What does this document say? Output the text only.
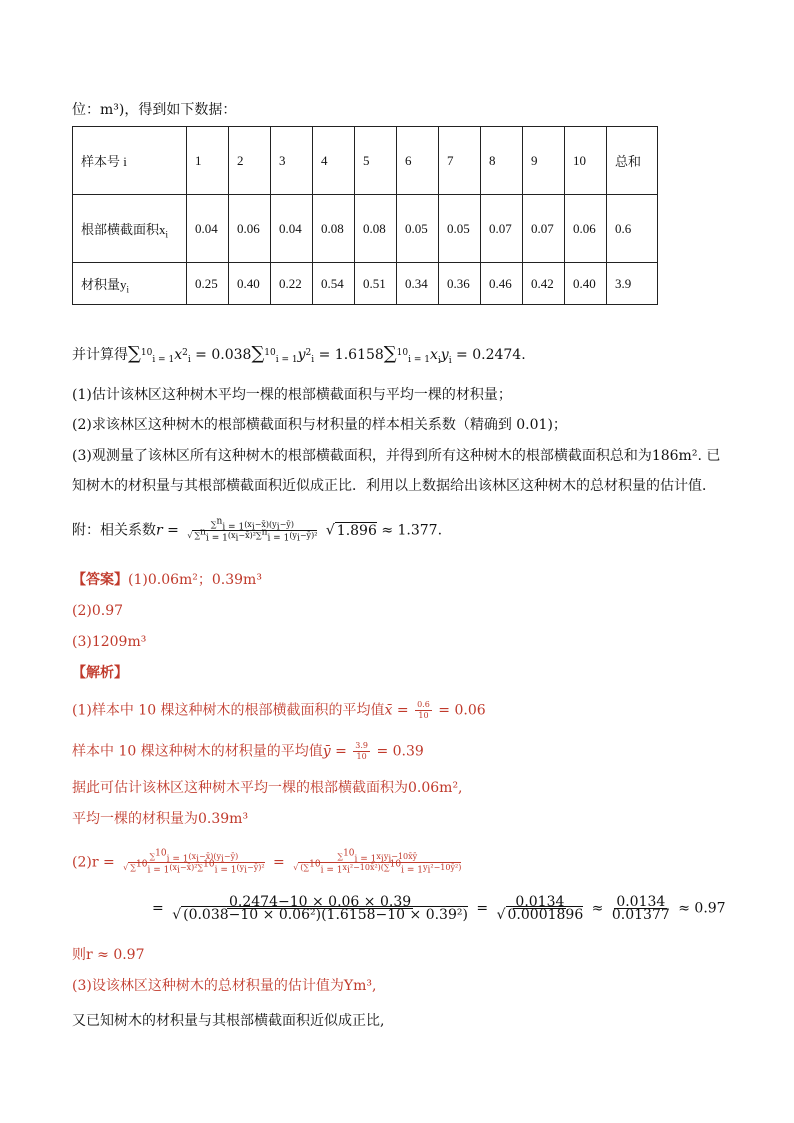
位：m³)，得到如下数据：
样本号 i	1	2	3	4	5	6	7	8	9	10	总和
根部横截面积$x_i$	0.04	0.06	0.04	0.08	0.08	0.05	0.05	0.07	0.07	0.06	0.6
材积量$y_i$	0.25	0.40	0.22	0.54	0.51	0.34	0.36	0.46	0.42	0.40	3.9
并计算得$\sum^{10}_{i = 1}x^2_i = 0.038\sum^{10}_{i = 1}y^2_i = 1.6158\sum^{10}_{i = 1}x_iy_i = 0.2474$.
(1)估计该林区这种树木平均一棵的根部横截面积与平均一棵的材积量；
(2)求该林区这种树木的根部横截面积与材积量的样本相关系数（精确到 0.01)；
(3)观测量了该林区所有这种树木的根部横截面积，并得到所有这种树木的根部横截面积总和为186m². 已
知树木的材积量与其根部横截面积近似成正比．利用以上数据给出该林区这种树木的总材积量的估计值．
附：相关系数$r = \frac{\sum^n_{i = 1}(x_i-x̄)(y_i-ȳ)}{√ \sum^n_{i = 1}(x_i-x̄)^2\sum^n_{i = 1}(y_i-ȳ)^2}$ √ 1.896 ≈ 1.377.
【答案】(1)0.06m²；0.39m³
(2)0.97
(3)1209m³
【解析】
(1)样本中 10 棵这种树木的根部横截面积的平均值x̄ = $\frac{0.6}{10} = 0.06$
样本中 10 棵这种树木的材积量的平均值ȳ = $\frac{3.9}{10} = 0.39$
据此可估计该林区这种树木平均一棵的根部横截面积为0.06m²,
平均一棵的材积量为0.39m³
$(2)r = \frac{\sum^{10}_{i = 1}(x_i-x̄)(y_i-ȳ)}{√ \sum^{10}_{i = 1}(x_i-x̄)^2\sum^{10}_{i = 1}(y_i-ȳ)^2} = \frac{\sum^{10}_{i = 1}x_iy_i-10x̄ȳ}{√ (\sum^{10}_{i = 1}x_i^2-10x̄^2)(\sum^{10}_{i = 1}y_i^2-10ȳ^2)}$
= $\frac{0.2474-10 \times 0.06 \times 0.39}{\text{√ (0.038−10 × 0.06²)(1.6158−10 × 0.39²)}} = \frac{0.0134}{√ 0.0001896} \approx \frac{0.0134}{0.01377} \approx 0.97$
则r ≈ 0.97
(3)设该林区这种树木的总材积量的估计值为Ym³,
又已知树木的材积量与其根部横截面积近似成正比,
